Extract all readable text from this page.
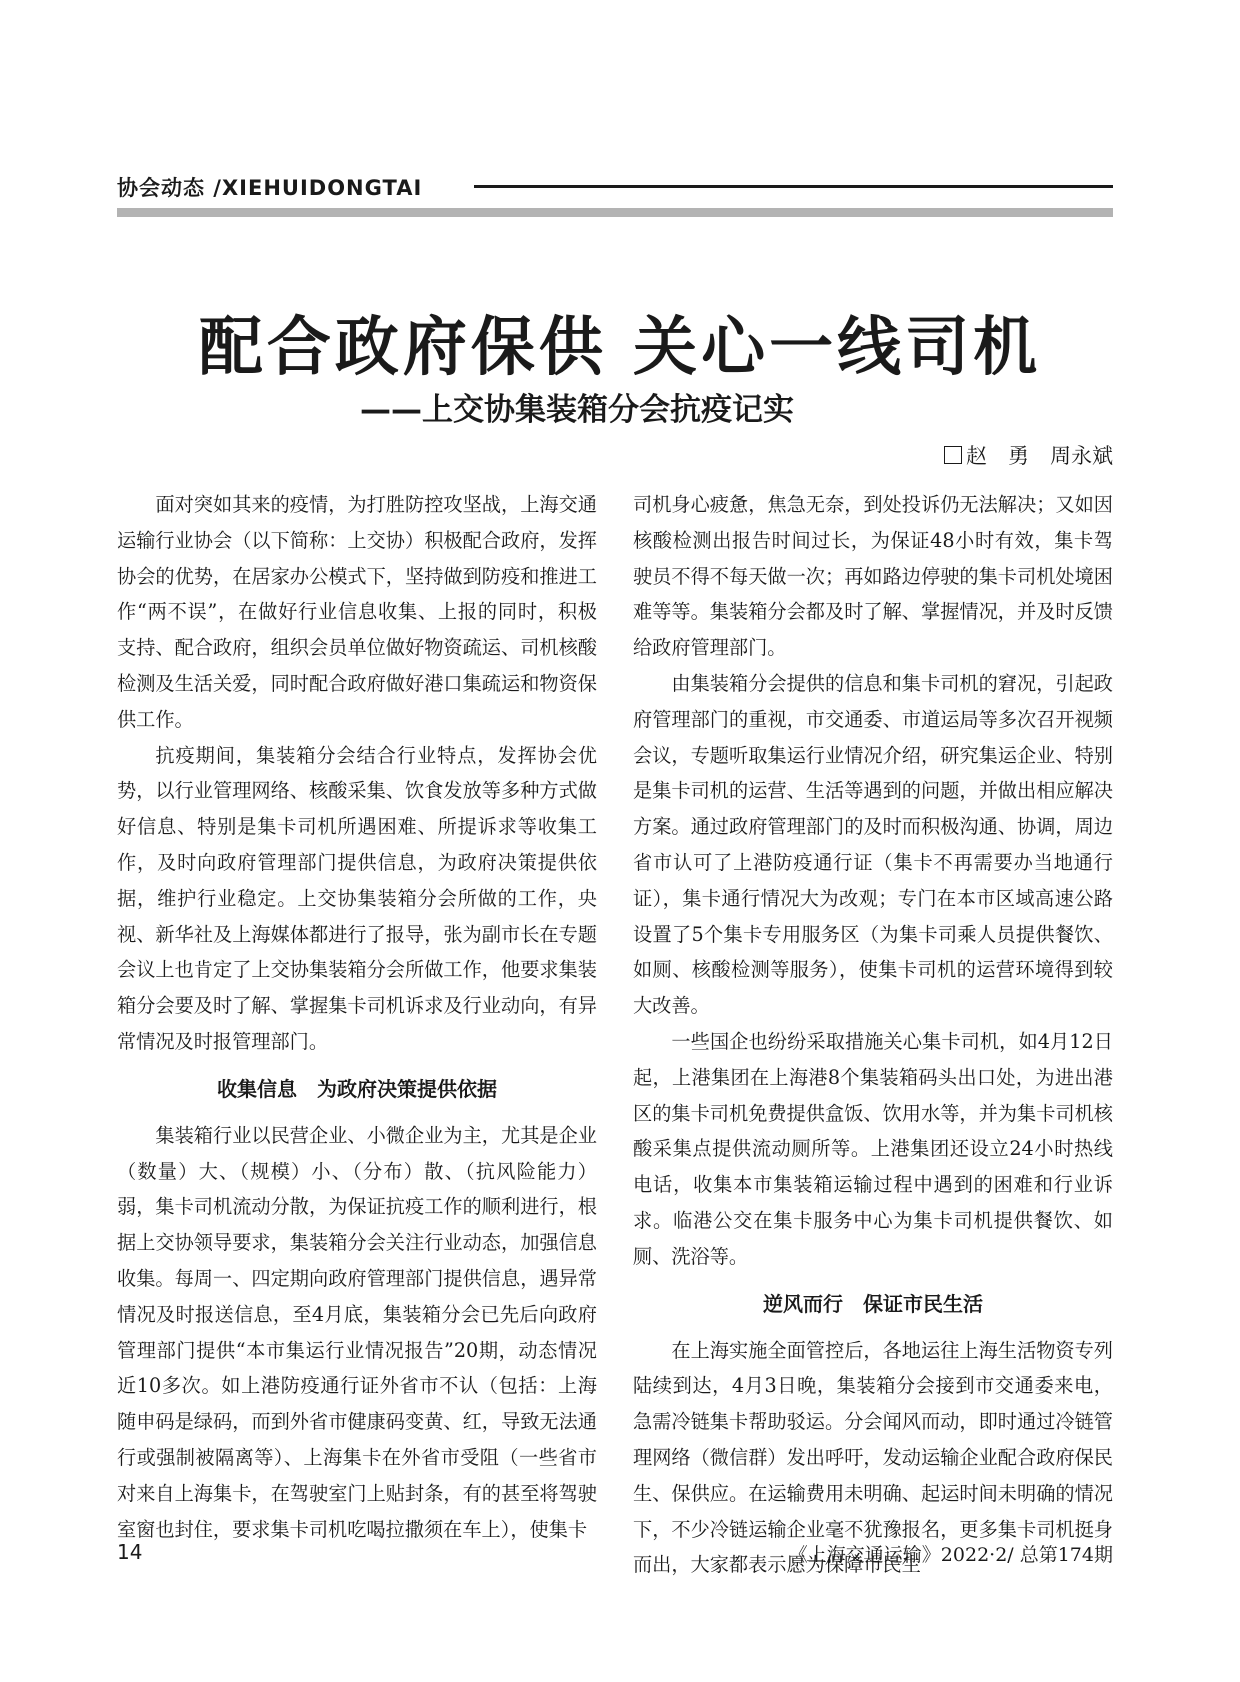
协会动态 /XIEHUIDONGTAI
配合政府保供 关心一线司机
——上交协集装箱分会抗疫记实
赵　勇　周永斌

面对突如其来的疫情，为打胜防控攻坚战，上海交通运输行业协会（以下简称：上交协）积极配合政府，发挥协会的优势，在居家办公模式下，坚持做到防疫和推进工作“两不误”，在做好行业信息收集、上报的同时，积极支持、配合政府，组织会员单位做好物资疏运、司机核酸检测及生活关爱，同时配合政府做好港口集疏运和物资保供工作。

抗疫期间，集装箱分会结合行业特点，发挥协会优势，以行业管理网络、核酸采集、饮食发放等多种方式做好信息、特别是集卡司机所遇困难、所提诉求等收集工作，及时向政府管理部门提供信息，为政府决策提供依据，维护行业稳定。上交协集装箱分会所做的工作，央视、新华社及上海媒体都进行了报导，张为副市长在专题会议上也肯定了上交协集装箱分会所做工作，他要求集装箱分会要及时了解、掌握集卡司机诉求及行业动向，有异常情况及时报管理部门。

收集信息　为政府决策提供依据

集装箱行业以民营企业、小微企业为主，尤其是企业（数量）大、（规模）小、（分布）散、（抗风险能力）弱，集卡司机流动分散，为保证抗疫工作的顺利进行，根据上交协领导要求，集装箱分会关注行业动态，加强信息收集。每周一、四定期向政府管理部门提供信息，遇异常情况及时报送信息，至4月底，集装箱分会已先后向政府管理部门提供“本市集运行业情况报告”20期，动态情况近10多次。如上港防疫通行证外省市不认（包括：上海随申码是绿码，而到外省市健康码变黄、红，导致无法通行或强制被隔离等）、上海集卡在外省市受阻（一些省市对来自上海集卡，在驾驶室门上贴封条，有的甚至将驾驶室窗也封住，要求集卡司机吃喝拉撒须在车上），使集卡

司机身心疲惫，焦急无奈，到处投诉仍无法解决；又如因核酸检测出报告时间过长，为保证48小时有效，集卡驾驶员不得不每天做一次；再如路边停驶的集卡司机处境困难等等。集装箱分会都及时了解、掌握情况，并及时反馈给政府管理部门。

由集装箱分会提供的信息和集卡司机的窘况，引起政府管理部门的重视，市交通委、市道运局等多次召开视频会议，专题听取集运行业情况介绍，研究集运企业、特别是集卡司机的运营、生活等遇到的问题，并做出相应解决方案。通过政府管理部门的及时而积极沟通、协调，周边省市认可了上港防疫通行证（集卡不再需要办当地通行证），集卡通行情况大为改观；专门在本市区域高速公路设置了5个集卡专用服务区（为集卡司乘人员提供餐饮、如厕、核酸检测等服务），使集卡司机的运营环境得到较大改善。

一些国企也纷纷采取措施关心集卡司机，如4月12日起，上港集团在上海港8个集装箱码头出口处，为进出港区的集卡司机免费提供盒饭、饮用水等，并为集卡司机核酸采集点提供流动厕所等。上港集团还设立24小时热线电话，收集本市集装箱运输过程中遇到的困难和行业诉求。临港公交在集卡服务中心为集卡司机提供餐饮、如厕、洗浴等。

逆风而行　保证市民生活

在上海实施全面管控后，各地运往上海生活物资专列陆续到达，4月3日晚，集装箱分会接到市交通委来电，急需冷链集卡帮助驳运。分会闻风而动，即时通过冷链管理网络（微信群）发出呼吁，发动运输企业配合政府保民生、保供应。在运输费用未明确、起运时间未明确的情况下，不少冷链运输企业毫不犹豫报名，更多集卡司机挺身而出，大家都表示愿为保障市民生

14	《上海交通运输》2022·2/ 总第174期
